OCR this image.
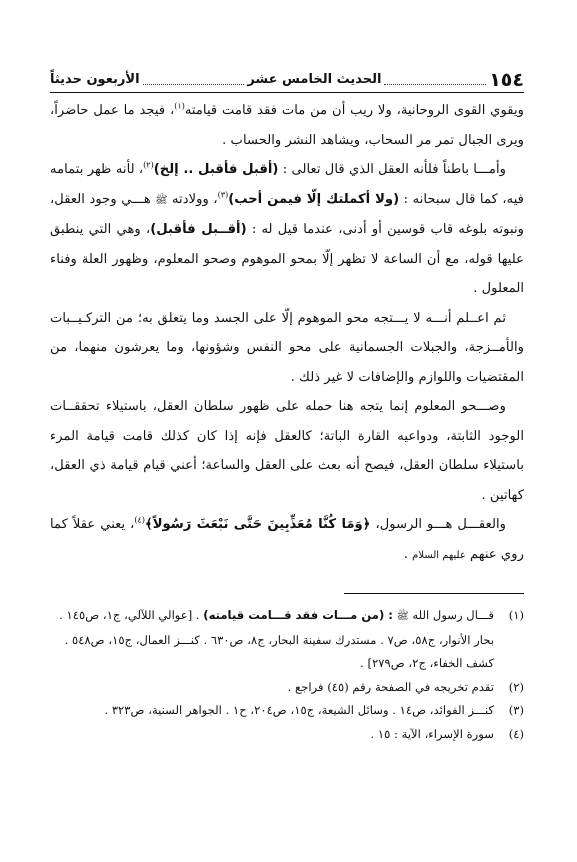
١٥٤
الحديث الخامس عشر
الأربعون حديثاً

ويقوي القوى الروحانية، ولا ريب أن من مات فقد قامت قيامته$^{(١)}$، فيجد ما عمل حاضراً، ويرى الجبال تمر مر السحاب، ويشاهد النشر والحساب .

وأمـــا باطناً فلأنه العقل الذي قال تعالى : (أقبل فأقبل .. إلخ)$^{(٢)}$، لأنه ظهر بتمامه فيه، كما قال سبحانه : (ولا أكملتك إلّا فيمن أحب)$^{(٣)}$، وولادته ﷺ هـــي وجود العقل، ونبوته بلوغه قاب قوسين أو أدنى، عندما قيل له : (أقــبل فأقبل)، وهي التي ينطبق عليها قوله، مع أن الساعة لا تظهر إلّا بمحو الموهوم وصحو المعلوم، وظهور العلة وفناء المعلول .

ثم اعــلم أنـــه لا يـــتجه محو الموهوم إلّا على الجسد وما يتعلق به؛ من التركـيــبات والأمــزجة، والجبلات الجسمانية على محو النفس وشؤونها، وما يعرشون منهما، من المقتضيات واللوازم والإضافات لا غير ذلك .

وصـــحو المعلوم إنما يتجه هنا حمله على ظهور سلطان العقل، باستيلاء تحققــات الوجود الثابتة، ودواعيه القارة الباتة؛ كالعقل فإنه إذا كان كذلك قامت قيامة المرء باستيلاء سلطان العقل، فيصح أنه بعث على العقل والساعة؛ أعني قيام قيامة ذي العقل، كهاتين .

والعقـــل هـــو الرسول، ﴿وَمَا كُنَّا مُعَذِّبِينَ حَتَّى نَبْعَثَ رَسُولاً﴾$^{(٤)}$، يعني عقلاً كما روي عنهم عليهم السلام .

(١)
قـــال رسول الله ﷺ : (من مـــات فقد قـــامت قيامته) . [عوالي اللآلي، ج١، ص١٤٥ . بحار الأنوار، ج٥٨، ص٧ . مستدرك سفينة البحار، ج٨، ص٦٣٠ . كنـــز العمال، ج١٥، ص٥٤٨ . كشف الخفاء، ج٢، ص٢٧٩] .

(٢)
تقدم تخريجه في الصفحة رقم (٤٥) فراجع .

(٣)
كنـــز الفوائد، ص١٤ . وسائل الشيعة، ج١٥، ص٢٠٤، ح١ . الجواهر السنية، ص٣٢٣ .

(٤)
سورة الإسراء، الآية : ١٥ .
